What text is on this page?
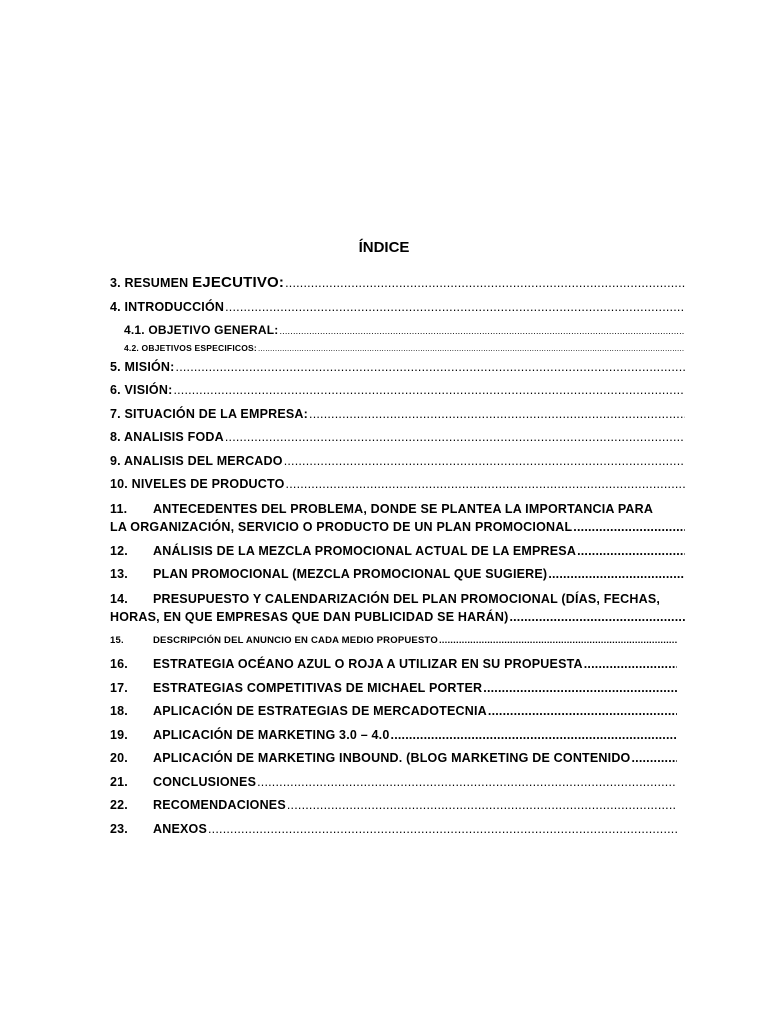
ÍNDICE
3. RESUMEN EJECUTIVO:
.....
4. INTRODUCCIÓN
.....
4.1. OBJETIVO GENERAL:
.....
4.2. OBJETIVOS ESPECIFICOS:
.....
5. MISIÓN:
.....
6. VISIÓN:
.....
7. SITUACIÓN DE LA EMPRESA:
.....
8. ANALISIS FODA
.....
9. ANALISIS DEL MERCADO
.....
10. NIVELES DE PRODUCTO
.....
11. ANTECEDENTES DEL PROBLEMA, DONDE SE PLANTEA LA IMPORTANCIA PARA
LA ORGANIZACIÓN, SERVICIO O PRODUCTO DE UN PLAN PROMOCIONAL
.....
12.	ANÁLISIS DE LA MEZCLA PROMOCIONAL ACTUAL DE LA EMPRESA
.....
13.	PLAN PROMOCIONAL (MEZCLA PROMOCIONAL QUE SUGIERE)
.....
14. PRESUPUESTO Y CALENDARIZACIÓN DEL PLAN PROMOCIONAL (DÍAS, FECHAS,
HORAS, EN QUE EMPRESAS QUE DAN PUBLICIDAD SE HARÁN)
.....
15.	DESCRIPCIÓN DEL ANUNCIO EN CADA MEDIO PROPUESTO
.....
16.	ESTRATEGIA OCÉANO AZUL O ROJA A UTILIZAR EN SU PROPUESTA
.....
17.	ESTRATEGIAS COMPETITIVAS DE MICHAEL PORTER
.....
18.	APLICACIÓN DE ESTRATEGIAS DE MERCADOTECNIA
.....
19.	APLICACIÓN DE MARKETING 3.0 – 4.0
.....
20.	APLICACIÓN DE MARKETING INBOUND. (BLOG MARKETING DE CONTENIDO
.....
21.	CONCLUSIONES
.....
22.	RECOMENDACIONES
.....
23.	ANEXOS
.....
